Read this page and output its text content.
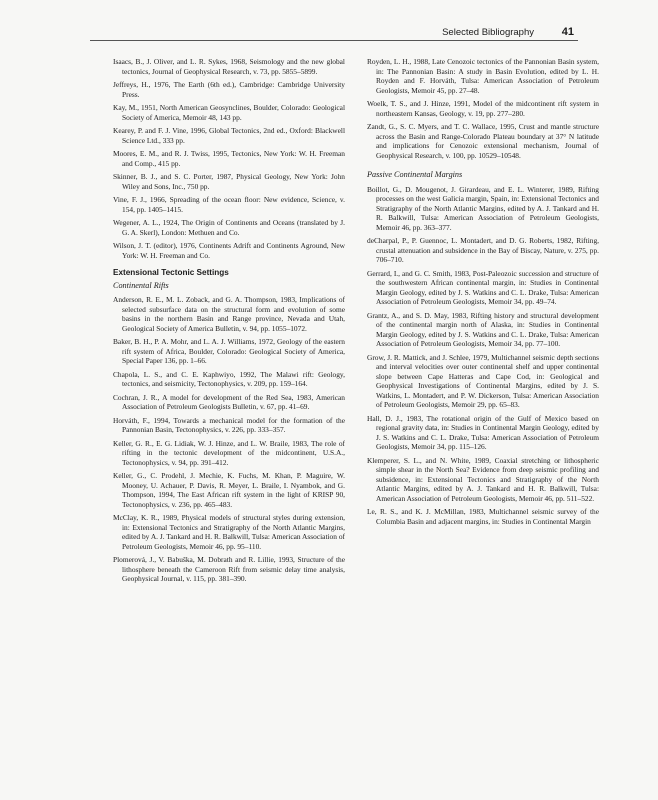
Selected Bibliography	41
Isaacs, B., J. Oliver, and L. R. Sykes, 1968, Seismology and the new global tectonics, Journal of Geophysical Research, v. 73, pp. 5855–5899.
Jeffreys, H., 1976, The Earth (6th ed.), Cambridge: Cambridge University Press.
Kay, M., 1951, North American Geosynclines, Boulder, Colorado: Geological Society of America, Memoir 48, 143 pp.
Kearey, P. and F. J. Vine, 1996, Global Tectonics, 2nd ed., Oxford: Blackwell Science Ltd., 333 pp.
Moores, E. M., and R. J. Twiss, 1995, Tectonics, New York: W. H. Freeman and Comp., 415 pp.
Skinner, B. J., and S. C. Porter, 1987, Physical Geology, New York: John Wiley and Sons, Inc., 750 pp.
Vine, F. J., 1966, Spreading of the ocean floor: New evidence, Science, v. 154, pp. 1405–1415.
Wegener, A. L., 1924, The Origin of Continents and Oceans (translated by J. G. A. Skerl), London: Methuen and Co.
Wilson, J. T. (editor), 1976, Continents Adrift and Continents Aground, New York: W. H. Freeman and Co.
Extensional Tectonic Settings
Continental Rifts
Anderson, R. E., M. L. Zoback, and G. A. Thompson, 1983, Implications of selected subsurface data on the structural form and evolution of some basins in the northern Basin and Range province, Nevada and Utah, Geological Society of America Bulletin, v. 94, pp. 1055–1072.
Baker, B. H., P. A. Mohr, and L. A. J. Williams, 1972, Geology of the eastern rift system of Africa, Boulder, Colorado: Geological Society of America, Special Paper 136, pp. 1–66.
Chapola, L. S., and C. E. Kaphwiyo, 1992, The Malawi rift: Geology, tectonics, and seismicity, Tectonophysics, v. 209, pp. 159–164.
Cochran, J. R., A model for development of the Red Sea, 1983, American Association of Petroleum Geologists Bulletin, v. 67, pp. 41–69.
Horváth, F., 1994, Towards a mechanical model for the formation of the Pannonian Basin, Tectonophysics, v. 226, pp. 333–357.
Keller, G. R., E. G. Lidiak, W. J. Hinze, and L. W. Braile, 1983, The role of rifting in the tectonic development of the midcontinent, U.S.A., Tectonophysics, v. 94, pp. 391–412.
Keller, G., C. Prodehl, J. Mechie, K. Fuchs, M. Khan, P. Maguire, W. Mooney, U. Achauer, P. Davis, R. Meyer, L. Braile, I. Nyambok, and G. Thompson, 1994, The East African rift system in the light of KRISP 90, Tectonophysics, v. 236, pp. 465–483.
McClay, K. R., 1989, Physical models of structural styles during extension, in: Extensional Tectonics and Stratigraphy of the North Atlantic Margins, edited by A. J. Tankard and H. R. Balkwill, Tulsa: American Association of Petroleum Geologists, Memoir 46, pp. 95–110.
Plomerová, J., V. Babuška, M. Dobrath and R. Lillie, 1993, Structure of the lithosphere beneath the Cameroon Rift from seismic delay time analysis, Geophysical Journal, v. 115, pp. 381–390.
Royden, L. H., 1988, Late Cenozoic tectonics of the Pannonian Basin system, in: The Pannonian Basin: A study in Basin Evolution, edited by L. H. Royden and F. Horváth, Tulsa: American Association of Petroleum Geologists, Memoir 45, pp. 27–48.
Woelk, T. S., and J. Hinze, 1991, Model of the midcontinent rift system in northeastern Kansas, Geology, v. 19, pp. 277–280.
Zandt, G., S. C. Myers, and T. C. Wallace, 1995, Crust and mantle structure across the Basin and Range-Colorado Plateau boundary at 37° N latitude and implications for Cenozoic extensional mechanism, Journal of Geophysical Research, v. 100, pp. 10529–10548.
Passive Continental Margins
Boillot, G., D. Mougenot, J. Girardeau, and E. L. Winterer, 1989, Rifting processes on the west Galicia margin, Spain, in: Extensional Tectonics and Stratigraphy of the North Atlantic Margins, edited by A. J. Tankard and H. R. Balkwill, Tulsa: American Association of Petroleum Geologists, Memoir 46, pp. 363–377.
deCharpal, P., P. Guennoc, L. Montadert, and D. G. Roberts, 1982, Rifting, crustal attenuation and subsidence in the Bay of Biscay, Nature, v. 275, pp. 706–710.
Gerrard, I., and G. C. Smith, 1983, Post-Paleozoic succession and structure of the southwestern African continental margin, in: Studies in Continental Margin Geology, edited by J. S. Watkins and C. L. Drake, Tulsa: American Association of Petroleum Geologists, Memoir 34, pp. 49–74.
Grantz, A., and S. D. May, 1983, Rifting history and structural development of the continental margin north of Alaska, in: Studies in Continental Margin Geology, edited by J. S. Watkins and C. L. Drake, Tulsa: American Association of Petroleum Geologists, Memoir 34, pp. 77–100.
Grow, J. R. Mattick, and J. Schlee, 1979, Multichannel seismic depth sections and interval velocities over outer continental shelf and upper continental slope between Cape Hatteras and Cape Cod, in: Geological and Geophysical Investigations of Continental Margins, edited by J. S. Watkins, L. Montadert, and P. W. Dickerson, Tulsa: American Association of Petroleum Geologists, Memoir 29, pp. 65–83.
Hall, D. J., 1983, The rotational origin of the Gulf of Mexico based on regional gravity data, in: Studies in Continental Margin Geology, edited by J. S. Watkins and C. L. Drake, Tulsa: American Association of Petroleum Geologists, Memoir 34, pp. 115–126.
Klemperer, S. L., and N. White, 1989, Coaxial stretching or lithospheric simple shear in the North Sea? Evidence from deep seismic profiling and subsidence, in: Extensional Tectonics and Stratigraphy of the North Atlantic Margins, edited by A. J. Tankard and H. R. Balkwill, Tulsa: American Association of Petroleum Geologists, Memoir 46, pp. 511–522.
Le, R. S., and K. J. McMillan, 1983, Multichannel seismic survey of the Columbia Basin and adjacent margins, in: Studies in Continental Margin
